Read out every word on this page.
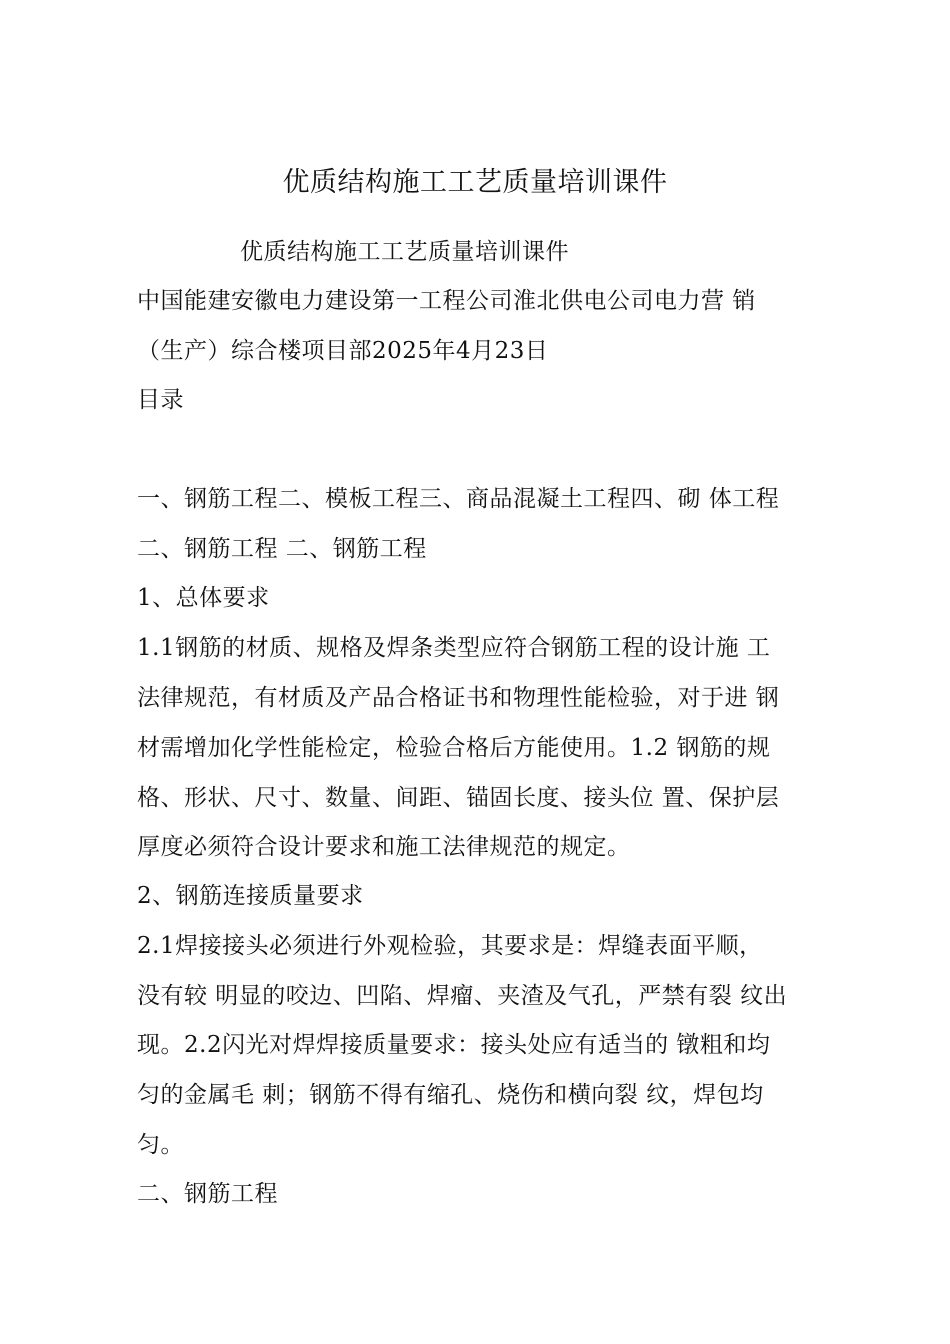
优质结构施工工艺质量培训课件
优质结构施工工艺质量培训课件
中国能建安徽电力建设第一工程公司淮北供电公司电力营 销
（生产）综合楼项目部2025年4月23日
目录
一、钢筋工程二、模板工程三、商品混凝土工程四、砌 体工程
二、钢筋工程 二、钢筋工程
1、总体要求
1.1钢筋的材质、规格及焊条类型应符合钢筋工程的设计施 工
法律规范，有材质及产品合格证书和物理性能检验，对于进 钢
材需增加化学性能检定，检验合格后方能使用。1.2 钢筋的规
格、形状、尺寸、数量、间距、锚固长度、接头位 置、保护层
厚度必须符合设计要求和施工法律规范的规定。
2、钢筋连接质量要求
2.1焊接接头必须进行外观检验，其要求是：焊缝表面平顺，
没有较 明显的咬边、凹陷、焊瘤、夹渣及气孔，严禁有裂 纹出
现。2.2闪光对焊焊接质量要求：接头处应有适当的 镦粗和均
匀的金属毛 刺；钢筋不得有缩孔、烧伤和横向裂 纹，焊包均
匀。
二、钢筋工程
